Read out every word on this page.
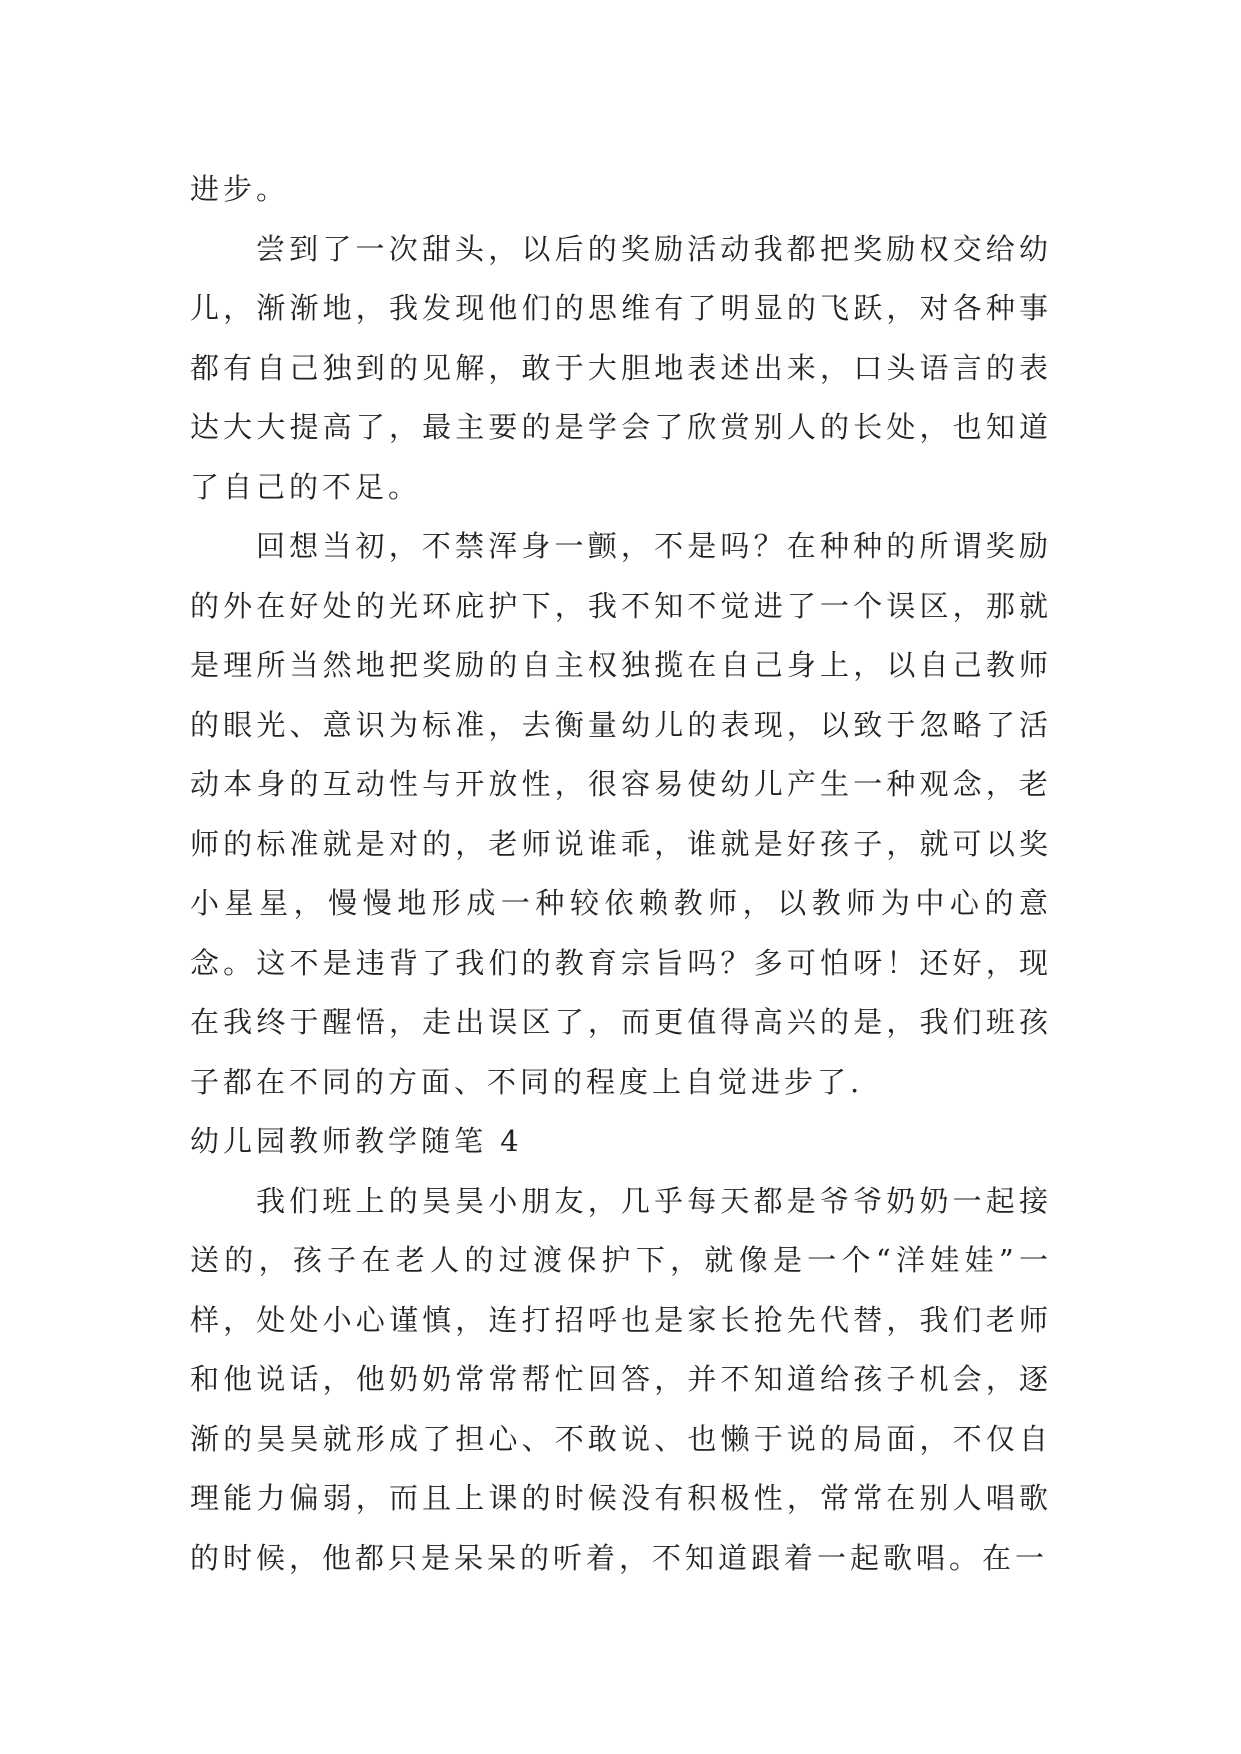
进步。

尝到了一次甜头，以后的奖励活动我都把奖励权交给幼儿，渐渐地，我发现他们的思维有了明显的飞跃，对各种事都有自己独到的见解，敢于大胆地表述出来，口头语言的表达大大提高了，最主要的是学会了欣赏别人的长处，也知道了自己的不足。

回想当初，不禁浑身一颤，不是吗？在种种的所谓奖励的外在好处的光环庇护下，我不知不觉进了一个误区，那就是理所当然地把奖励的自主权独揽在自己身上，以自己教师的眼光、意识为标准，去衡量幼儿的表现，以致于忽略了活动本身的互动性与开放性，很容易使幼儿产生一种观念，老师的标准就是对的，老师说谁乖，谁就是好孩子，就可以奖小星星，慢慢地形成一种较依赖教师，以教师为中心的意念。这不是违背了我们的教育宗旨吗？多可怕呀！还好，现在我终于醒悟，走出误区了，而更值得高兴的是，我们班孩子都在不同的方面、不同的程度上自觉进步了.

幼儿园教师教学随笔 4

我们班上的昊昊小朋友，几乎每天都是爷爷奶奶一起接送的，孩子在老人的过渡保护下，就像是一个“洋娃娃”一样，处处小心谨慎，连打招呼也是家长抢先代替，我们老师和他说话，他奶奶常常帮忙回答，并不知道给孩子机会，逐渐的昊昊就形成了担心、不敢说、也懒于说的局面，不仅自理能力偏弱，而且上课的时候没有积极性，常常在别人唱歌的时候，他都只是呆呆的听着，不知道跟着一起歌唱。在一
